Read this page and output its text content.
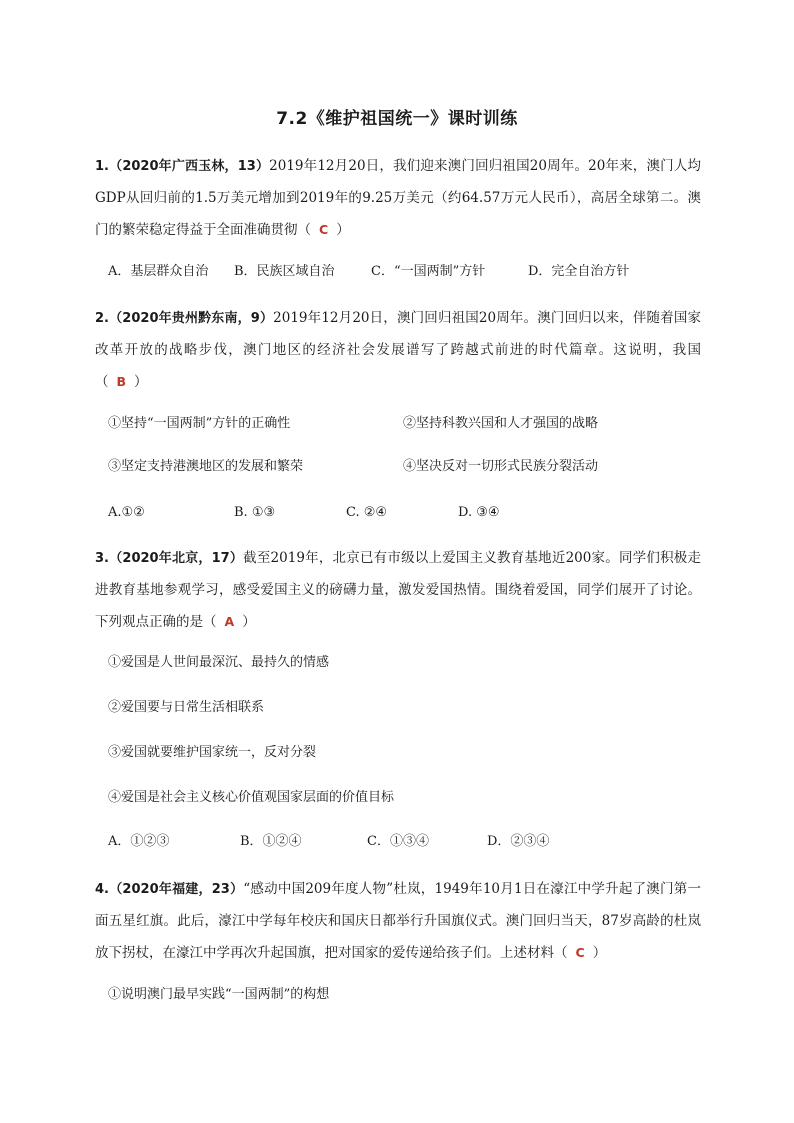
7.2《维护祖国统一》课时训练
1.（2020年广西玉林，13）2019年12月20日，我们迎来澳门回归祖国20周年。20年来，澳门人均GDP从回归前的1.5万美元增加到2019年的9.25万美元（约64.57万元人民币），高居全球第二。澳门的繁荣稳定得益于全面准确贯彻（ C ）
A．基层群众自治 B．民族区域自治	C．“一国两制”方针	D．完全自治方针
2.（2020年贵州黔东南，9）2019年12月20日，澳门回归祖国20周年。澳门回归以来，伴随着国家改革开放的战略步伐，澳门地区的经济社会发展谱写了跨越式前进的时代篇章。这说明，我国（ B ）
①坚持“一国两制”方针的正确性	②坚持科教兴国和人才强国的战略
③坚定支持港澳地区的发展和繁荣	④坚决反对一切形式民族分裂活动
A.①②	B. ①③	C. ②④	D. ③④
3.（2020年北京，17）截至2019年，北京已有市级以上爱国主义教育基地近200家。同学们积极走进教育基地参观学习，感受爱国主义的磅礴力量，激发爱国热情。围绕着爱国，同学们展开了讨论。下列观点正确的是（ A ）
①爱国是人世间最深沉、最持久的情感
②爱国要与日常生活相联系
③爱国就要维护国家统一，反对分裂
④爱国是社会主义核心价值观国家层面的价值目标
A．①②③	B．①②④	C．①③④	D．②③④
4.（2020年福建，23）“感动中国209年度人物”杜岚，1949年10月1日在濠江中学升起了澳门第一面五星红旗。此后，濠江中学每年校庆和国庆日都举行升国旗仪式。澳门回归当天，87岁高龄的杜岚放下拐杖，在濠江中学再次升起国旗，把对国家的爱传递给孩子们。上述材料（ C ）
①说明澳门最早实践“一国两制”的构想
